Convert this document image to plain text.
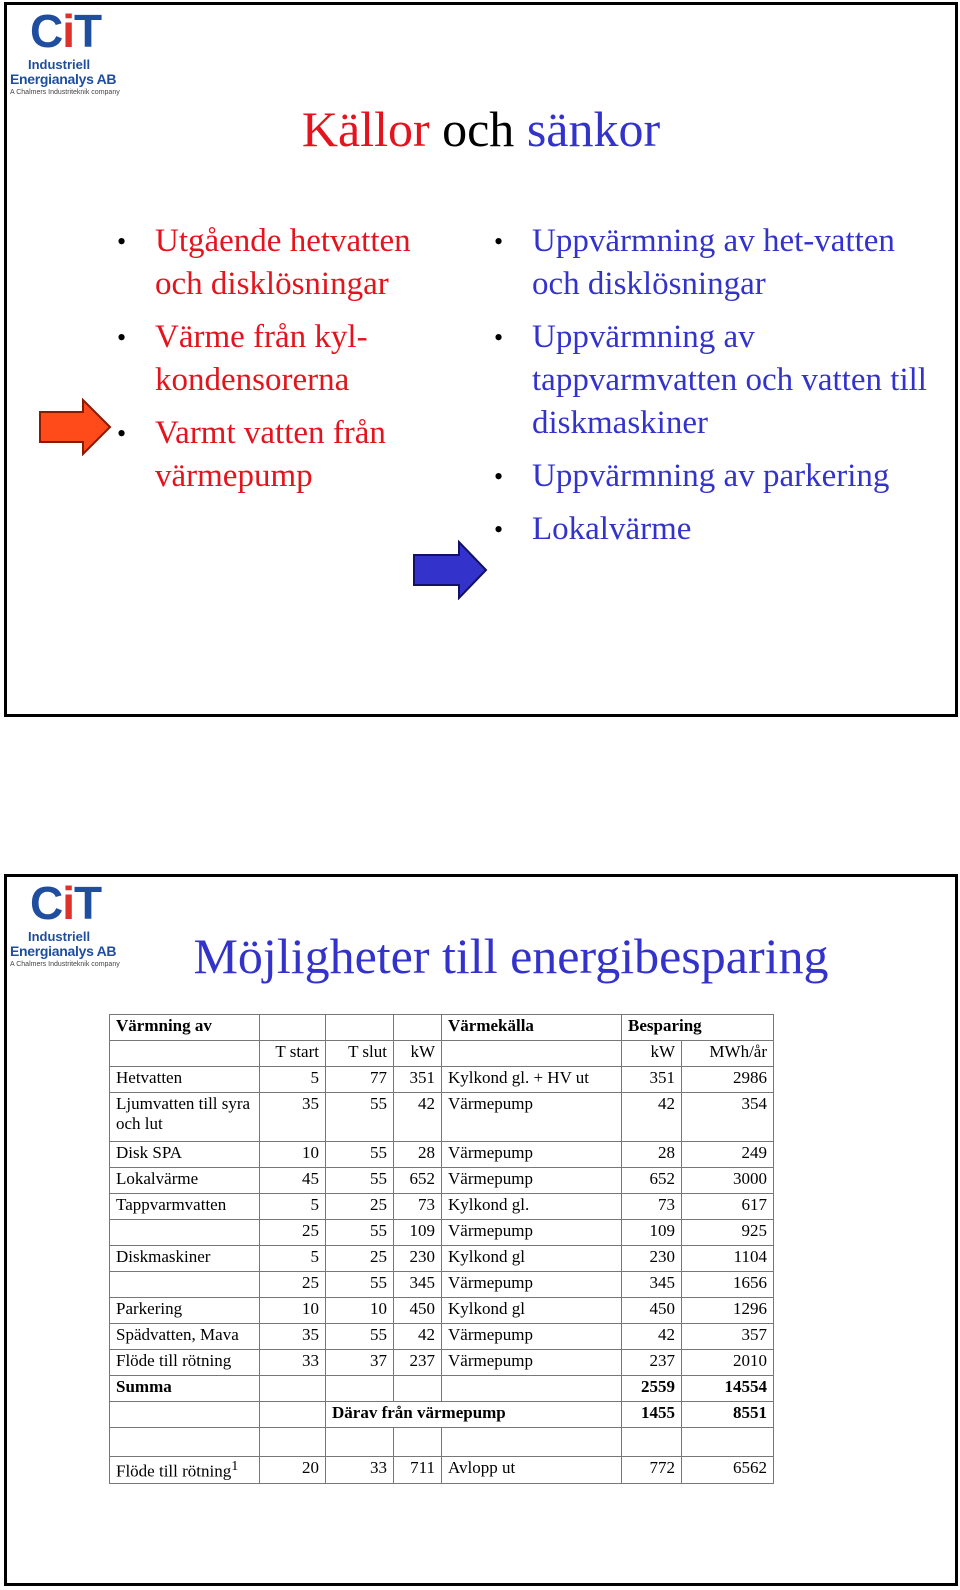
CiT
Industriell
Energianalys AB
A Chalmers Industriteknik company
Källor och sänkor
• Utgående hetvatten och disklösningar
• Värme från kyl-kondensorerna
• Varmt vatten från värmepump
• Uppvärmning av het-vatten och disklösningar
• Uppvärmning av tappvarmvatten och vatten till diskmaskiner
• Uppvärmning av parkering
• Lokalvärme
CiT
Industriell
Energianalys AB
A Chalmers Industriteknik company	Möjligheter till energibesparing
Värmning av				Värmekälla	Besparing	
	T start	T slut	kW		kW	MWh/år
Hetvatten	5	77	351	Kylkond gl. + HV ut	351	2986
Ljumvatten till syra och lut	35	55	42	Värmepump	42	354
Disk SPA	10	55	28	Värmepump	28	249
Lokalvärme	45	55	652	Värmepump	652	3000
Tappvarmvatten	5	25	73	Kylkond gl.	73	617
	25	55	109	Värmepump	109	925
Diskmaskiner	5	25	230	Kylkond gl	230	1104
	25	55	345	Värmepump	345	1656
Parkering	10	10	450	Kylkond gl	450	1296
Spädvatten, Mava	35	55	42	Värmepump	42	357
Flöde till rötning	33	37	237	Värmepump	237	2010
Summa					2559	14554
		Därav från värmepump			1455	8551

Flöde till rötning$^1$	20	33	711	Avlopp ut	772	6562
